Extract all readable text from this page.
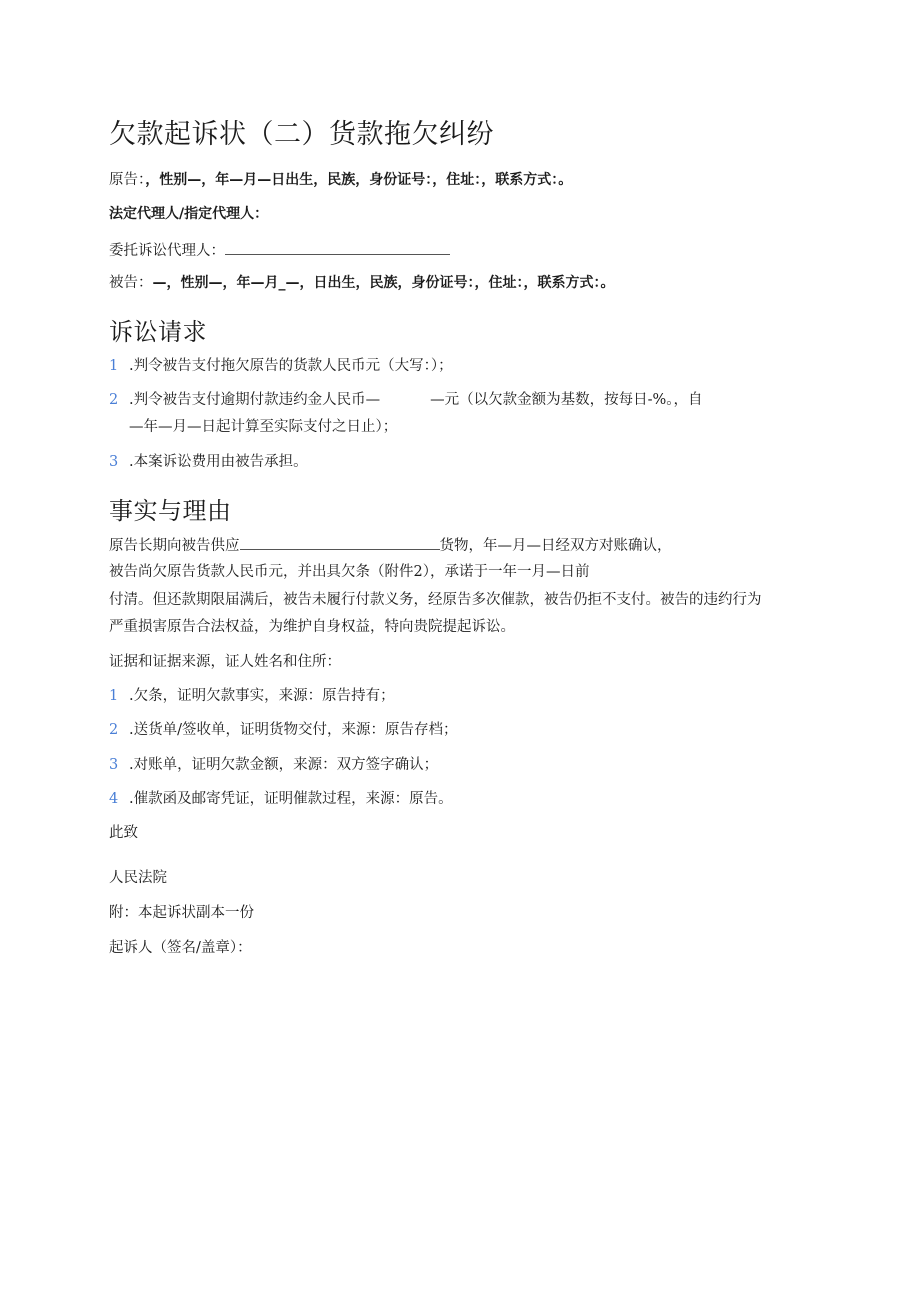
欠款起诉状（二）货款拖欠纠纷
原告：，性别—，年—月—日出生，民族，身份证号：，住址：，联系方式：。
法定代理人/指定代理人：
委托诉讼代理人：
被告：—，性别—，年—月_—，日出生，民族，身份证号：，住址：，联系方式：。
诉讼请求
1 .判令被告支付拖欠原告的货款人民币元（大写：）；
2 .判令被告支付逾期付款违约金人民币—	—元（以欠款金额为基数，按每日-%。，自
—年—月—日起计算至实际支付之日止）；
3 .本案诉讼费用由被告承担。
事实与理由
原告长期向被告供应	货物，年—月—日经双方对账确认，
被告尚欠原告货款人民币元，并出具欠条（附件2），承诺于一年一月—日前
付清。但还款期限届满后，被告未履行付款义务，经原告多次催款，被告仍拒不支付。被告的违约行为
严重损害原告合法权益，为维护自身权益，特向贵院提起诉讼。
证据和证据来源，证人姓名和住所：
1 .欠条，证明欠款事实，来源：原告持有；
2 .送货单/签收单，证明货物交付，来源：原告存档；
3 .对账单，证明欠款金额，来源：双方签字确认；
4 .催款函及邮寄凭证，证明催款过程，来源：原告。
此致
人民法院
附：本起诉状副本一份
起诉人（签名/盖章）：
